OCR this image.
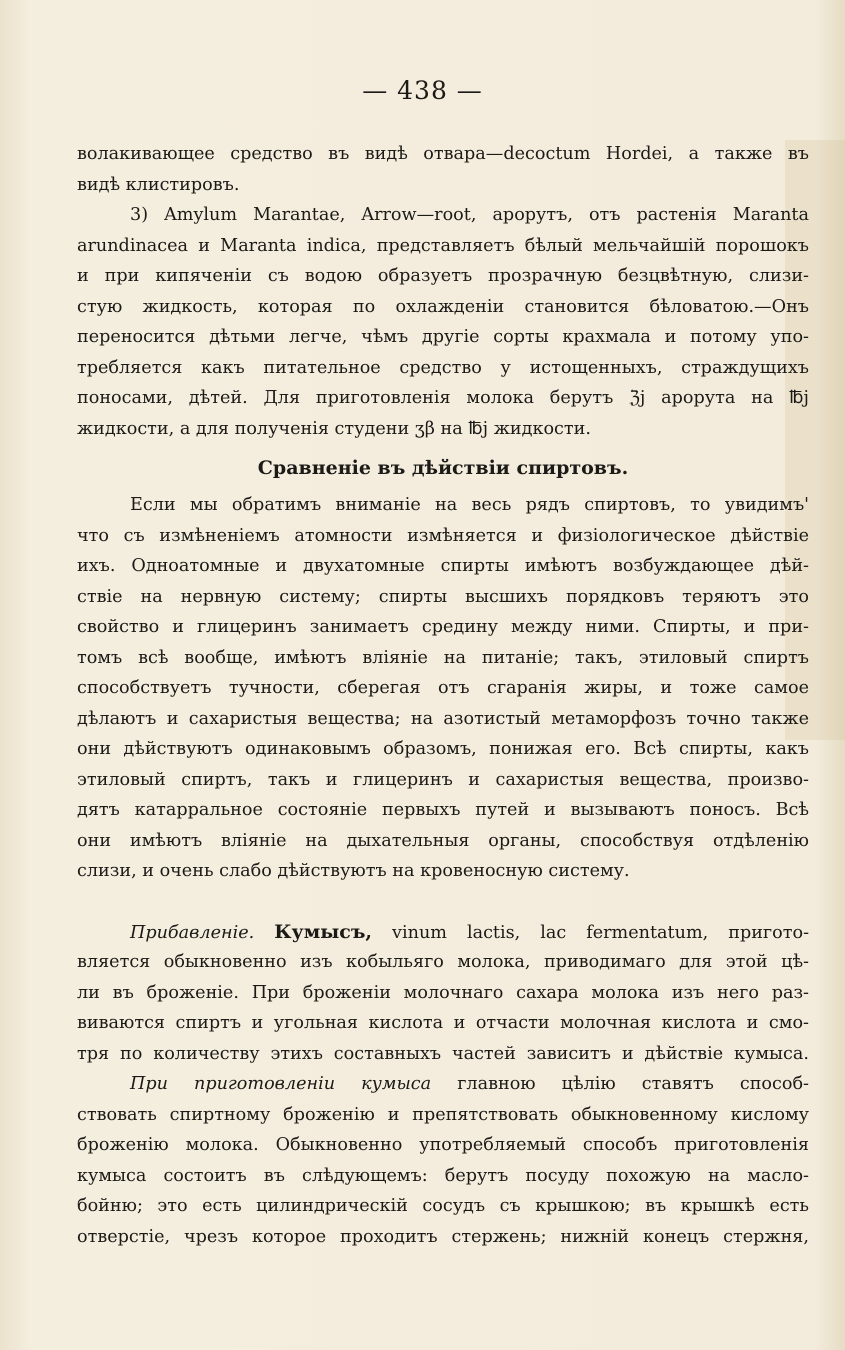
— 438 —
волакивающее средство въ видѣ отвара—decoctum Hordei, а также въ
видѣ клистировъ.
3) Amylum Marantae, Arrow—root, арорутъ, отъ растенія Maranta
arundinacea и Maranta indica, представляетъ бѣлый мельчайшій порошокъ
и при кипяченіи съ водою образуетъ прозрачную безцвѣтную, слизи-
стую жидкость, которая по охлажденіи становится бѣловатою.—Онъ
переносится дѣтьми легче, чѣмъ другіе сорты крахмала и потому упо-
требляется какъ питательное средство у истощенныхъ, страждущихъ
поносами, дѣтей. Для приготовленія молока берутъ ℨj арорута на ℔j
жидкости, а для полученія студени ʒβ на ℔j жидкости.
Сравненіе въ дѣйствіи спиртовъ.
Если мы обратимъ вниманіе на весь рядъ спиртовъ, то увидимъ'
что съ измѣненіемъ атомности измѣняется и физіологическое дѣйствіе
ихъ. Одноатомные и двухатомные спирты имѣютъ возбуждающее дѣй-
ствіе на нервную систему; спирты высшихъ порядковъ теряютъ это
свойство и глицеринъ занимаетъ средину между ними. Спирты, и при-
томъ всѣ вообще, имѣютъ вліяніе на питаніе; такъ, этиловый спиртъ
способствуетъ тучности, сберегая отъ сгаранія жиры, и тоже самое
дѣлаютъ и сахаристыя вещества; на азотистый метаморфозъ точно также
они дѣйствуютъ одинаковымъ образомъ, понижая его. Всѣ спирты, какъ
этиловый спиртъ, такъ и глицеринъ и сахаристыя вещества, произво-
дятъ катарральное состояніе первыхъ путей и вызываютъ поносъ. Всѣ
они имѣютъ вліяніе на дыхательныя органы, способствуя отдѣленію
слизи, и очень слабо дѣйствуютъ на кровеносную систему.
Прибавленіе. Кумысъ, vinum lactis, lac fermentatum, пригото-
вляется обыкновенно изъ кобыльяго молока, приводимаго для этой цѣ-
ли въ броженіе. При броженіи молочнаго сахара молока изъ него раз-
виваются спиртъ и угольная кислота и отчасти молочная кислота и смо-
тря по количеству этихъ составныхъ частей зависитъ и дѣйствіе кумыса.
При приготовленіи кумыса главною цѣлію ставятъ способ-
ствовать спиртному броженію и препятствовать обыкновенному кислому
броженію молока. Обыкновенно употребляемый способъ приготовленія
кумыса состоитъ въ слѣдующемъ: берутъ посуду похожую на масло-
бойню; это есть цилиндрическій сосудъ съ крышкою; въ крышкѣ есть
отверстіе, чрезъ которое проходитъ стержень; нижній конецъ стержня,
